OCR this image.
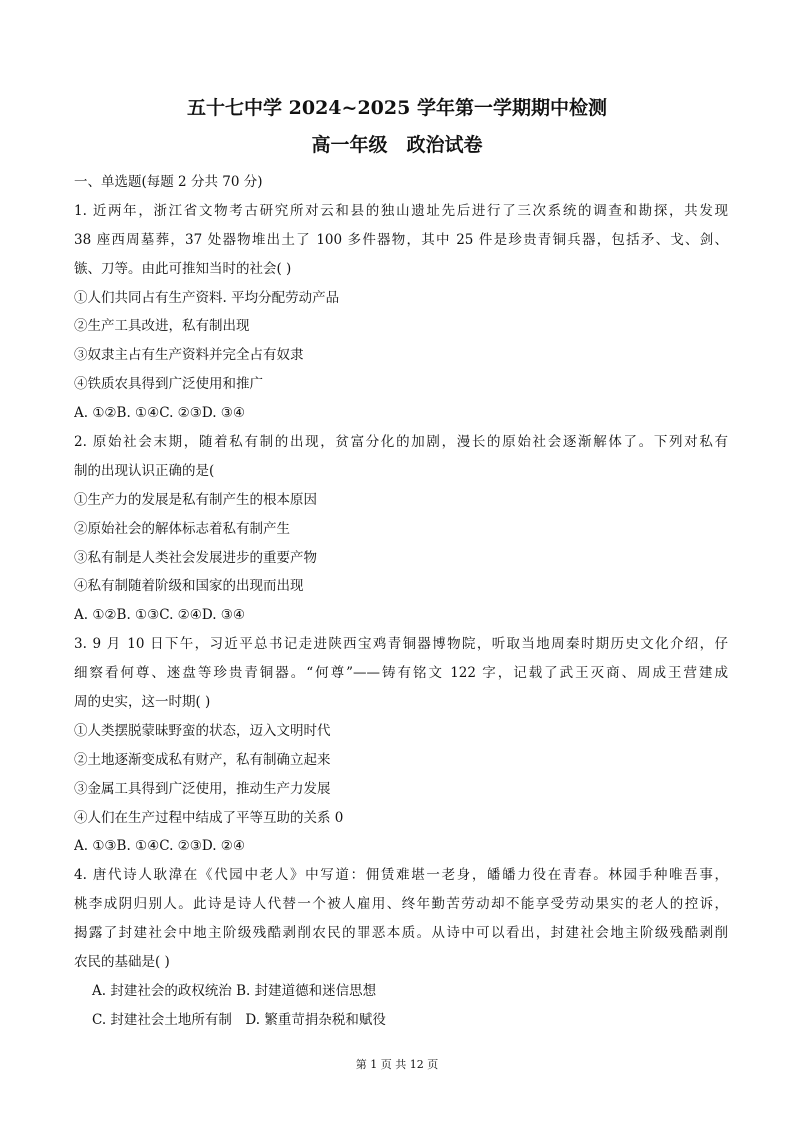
五十七中学 2024~2025 学年第一学期期中检测
高一年级　政治试卷
一、单选题(每题 2 分共 70 分)
1. 近两年，浙江省文物考古研究所对云和县的独山遗址先后进行了三次系统的调查和勘探，共发现
38 座西周墓葬，37 处器物堆出土了 100 多件器物，其中 25 件是珍贵青铜兵器，包括矛、戈、剑、
镞、刀等。由此可推知当时的社会( )
①人们共同占有生产资料. 平均分配劳动产品
②生产工具改进，私有制出现
③奴隶主占有生产资料并完全占有奴隶
④铁质农具得到广泛使用和推广
A. ①②B. ①④C. ②③D. ③④
2. 原始社会末期，随着私有制的出现，贫富分化的加剧，漫长的原始社会逐渐解体了。下列对私有
制的出现认识正确的是(
①生产力的发展是私有制产生的根本原因
②原始社会的解体标志着私有制产生
③私有制是人类社会发展进步的重要产物
④私有制随着阶级和国家的出现而出现
A. ①②B. ①③C. ②④D. ③④
3. 9 月 10 日下午，习近平总书记走进陕西宝鸡青铜器博物院，听取当地周秦时期历史文化介绍，仔
细察看何尊、逨盘等珍贵青铜器。“何尊”——铸有铭文 122 字，记载了武王灭商、周成王营建成
周的史实，这一时期( )
①人类摆脱蒙昧野蛮的状态，迈入文明时代
②土地逐渐变成私有财产，私有制确立起来
③金属工具得到广泛使用，推动生产力发展
④人们在生产过程中结成了平等互助的关系 0
A. ①③B. ①④C. ②③D. ②④
4. 唐代诗人耿湋在《代园中老人》中写道：佣赁难堪一老身，皤皤力役在青春。林园手种唯吾事，
桃李成阴归别人。此诗是诗人代替一个被人雇用、终年勤苦劳动却不能享受劳动果实的老人的控诉，
揭露了封建社会中地主阶级残酷剥削农民的罪恶本质。从诗中可以看出，封建社会地主阶级残酷剥削
农民的基础是( )
A. 封建社会的政权统治 B. 封建道德和迷信思想
C. 封建社会土地所有制　D. 繁重苛捐杂税和赋役
第 1 页 共 12 页
